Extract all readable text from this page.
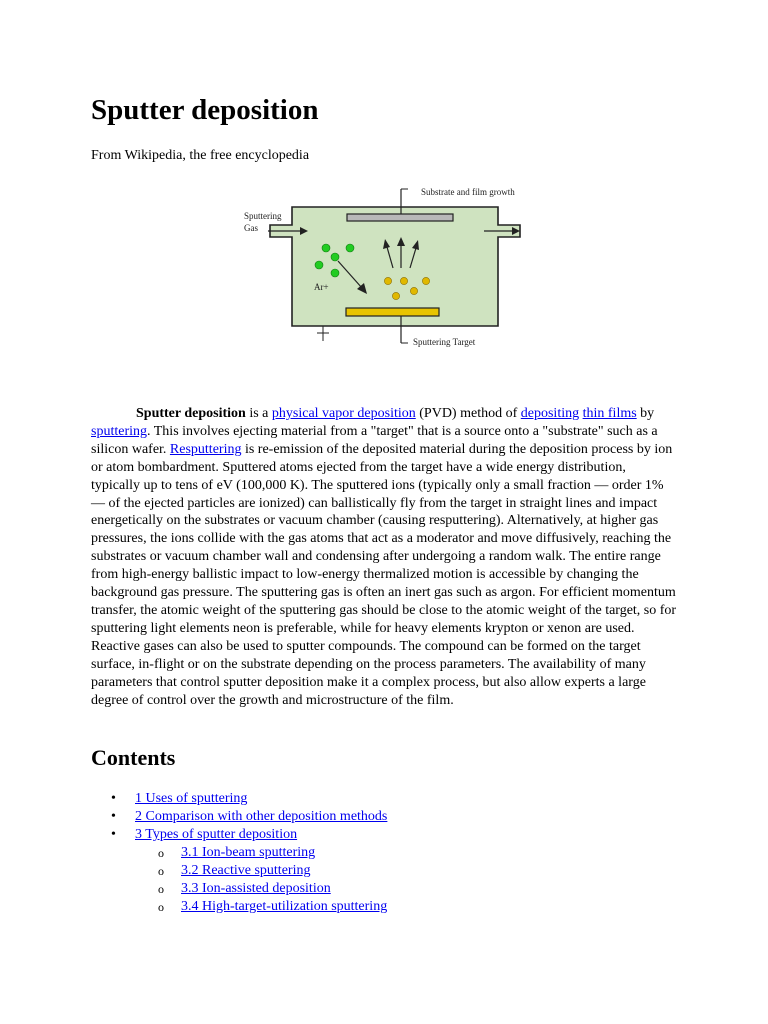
Sputter deposition

From Wikipedia, the free encyclopedia

Substrate and film growth
Sputtering Target
Sputtering
Gas
Ar+

Sputter deposition is a physical vapor deposition (PVD) method of depositing thin films by sputtering. This involves ejecting material from a "target" that is a source onto a "substrate" such as a silicon wafer. Resputtering is re-emission of the deposited material during the deposition process by ion or atom bombardment. Sputtered atoms ejected from the target have a wide energy distribution, typically up to tens of eV (100,000 K). The sputtered ions (typically only a small fraction — order 1% — of the ejected particles are ionized) can ballistically fly from the target in straight lines and impact energetically on the substrates or vacuum chamber (causing resputtering). Alternatively, at higher gas pressures, the ions collide with the gas atoms that act as a moderator and move diffusively, reaching the substrates or vacuum chamber wall and condensing after undergoing a random walk. The entire range from high-energy ballistic impact to low-energy thermalized motion is accessible by changing the background gas pressure. The sputtering gas is often an inert gas such as argon. For efficient momentum transfer, the atomic weight of the sputtering gas should be close to the atomic weight of the target, so for sputtering light elements neon is preferable, while for heavy elements krypton or xenon are used. Reactive gases can also be used to sputter compounds. The compound can be formed on the target surface, in-flight or on the substrate depending on the process parameters. The availability of many parameters that control sputter deposition make it a complex process, but also allow experts a large degree of control over the growth and microstructure of the film.

Contents
• 1 Uses of sputtering
• 2 Comparison with other deposition methods
• 3 Types of sputter deposition
o 3.1 Ion-beam sputtering
o 3.2 Reactive sputtering
o 3.3 Ion-assisted deposition
o 3.4 High-target-utilization sputtering
